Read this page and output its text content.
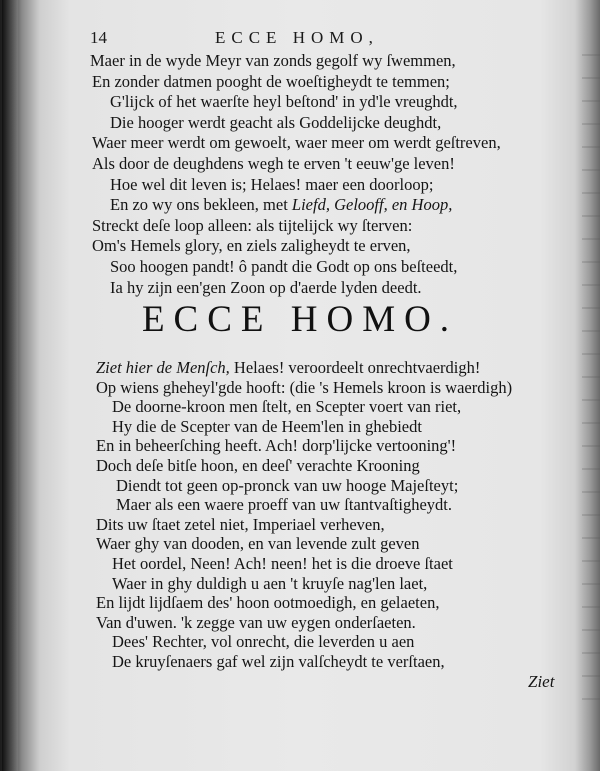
14	ECCE HOMO,
Maer in de wyde Meyr van zonds gegolf wy ſwemmen,
En zonder datmen pooght de woeſtigheydt te temmen;
G'lijck of het waerſte heyl beſtond' in yd'le vreughdt,
Die hooger werdt geacht als Goddelijcke deughdt,
Waer meer werdt om gewoelt, waer meer om werdt geſtreven,
Als door de deughdens wegh te erven 't eeuw'ge leven!
Hoe wel dit leven is; Helaes! maer een doorloop;
En zo wy ons bekleen, met Liefd, Gelooff, en Hoop,
Streckt deſe loop alleen: als tijtelijck wy ſterven:
Om's Hemels glory, en ziels zaligheydt te erven,
Soo hoogen pandt! ô pandt die Godt op ons beſteedt,
Ia hy zijn een'gen Zoon op d'aerde lyden deedt.
ECCE HOMO.
Ziet hier de Menſch, Helaes! veroordeelt onrechtvaerdigh!
Op wiens gheheyl'gde hooft: (die 's Hemels kroon is waerdigh)
De doorne-kroon men ſtelt, en Scepter voert van riet,
Hy die de Scepter van de Heem'len in ghebiedt
En in beheerſching heeft. Ach! dorp'lijcke vertooning'!
Doch deſe bitſe hoon, en deeſ' verachte Krooning
Diendt tot geen op-pronck van uw hooge Majeſteyt;
Maer als een waere proeff van uw ſtantvaſtigheydt.
Dits uw ſtaet zetel niet, Imperiael verheven,
Waer ghy van dooden, en van levende zult geven
Het oordel, Neen! Ach! neen! het is die droeve ſtaet
Waer in ghy duldigh u aen 't kruyſe nag'len laet,
En lijdt lijdſaem des' hoon ootmoedigh, en gelaeten,
Van d'uwen. 'k zegge van uw eygen onderſaeten.
Dees' Rechter, vol onrecht, die leverden u aen
De kruyſenaers gaf wel zijn valſcheydt te verſtaen,
Ziet
